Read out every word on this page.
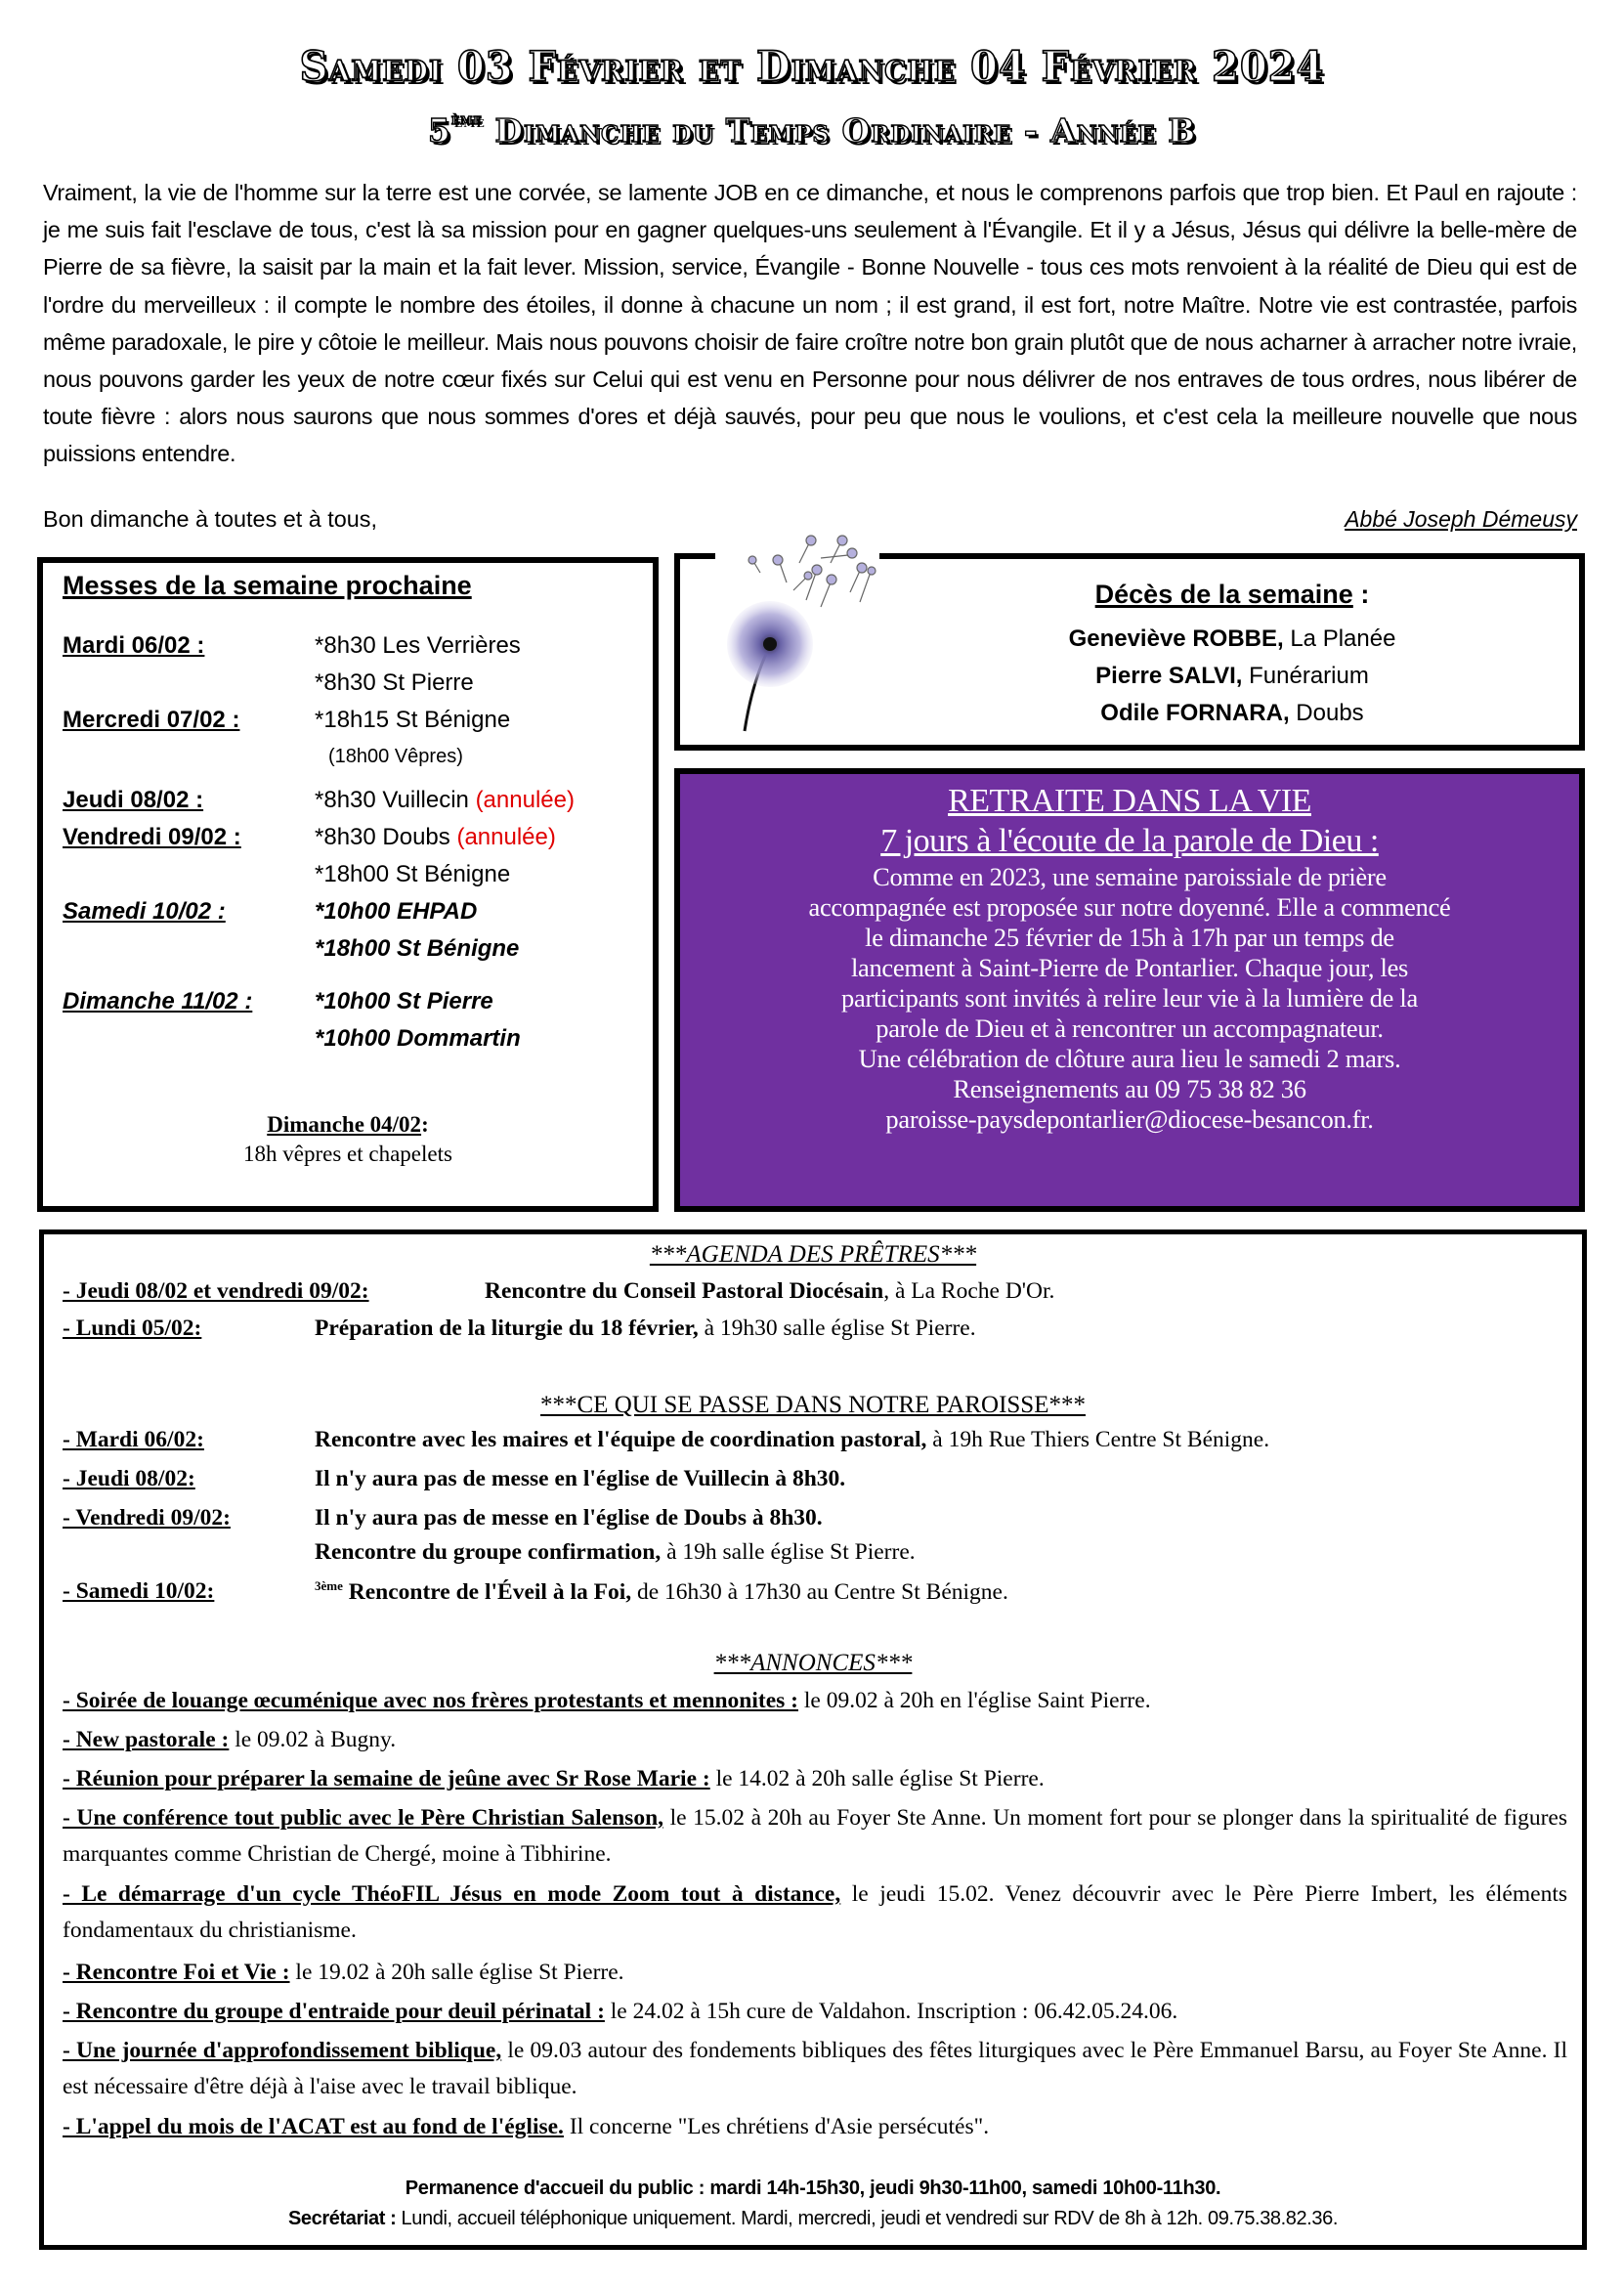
Samedi 03 Février et Dimanche 04 Février 2024
5ème Dimanche du Temps Ordinaire - Année B
Vraiment, la vie de l'homme sur la terre est une corvée, se lamente JOB en ce dimanche, et nous le comprenons parfois que trop bien. Et Paul en rajoute : je me suis fait l'esclave de tous, c'est là sa mission pour en gagner quelques-uns seulement à l'Évangile. Et il y a Jésus, Jésus qui délivre la belle-mère de Pierre de sa fièvre, la saisit par la main et la fait lever. Mission, service, Évangile - Bonne Nouvelle - tous ces mots renvoient à la réalité de Dieu qui est de l'ordre du merveilleux : il compte le nombre des étoiles, il donne à chacune un nom ; il est grand, il est fort, notre Maître. Notre vie est contrastée, parfois même paradoxale, le pire y côtoie le meilleur. Mais nous pouvons choisir de faire croître notre bon grain plutôt que de nous acharner à arracher notre ivraie, nous pouvons garder les yeux de notre cœur fixés sur Celui qui est venu en Personne pour nous délivrer de nos entraves de tous ordres, nous libérer de toute fièvre : alors nous saurons que nous sommes d'ores et déjà sauvés, pour peu que nous le voulions, et c'est cela la meilleure nouvelle que nous puissions entendre.
Bon dimanche à toutes et à tous,	Abbé Joseph Démeusy
Messes de la semaine prochaine
Mardi 06/02 :	*8h30 Les Verrières
*8h30 St Pierre
Mercredi 07/02 :	*18h15 St Bénigne
(18h00 Vêpres)
Jeudi 08/02 :	*8h30 Vuillecin (annulée)
Vendredi 09/02 :	*8h30 Doubs (annulée)
*18h00 St Bénigne
Samedi 10/02 :	*10h00 EHPAD
*18h00 St Bénigne
Dimanche 11/02 :	*10h00 St Pierre
*10h00 Dommartin
Dimanche 04/02:
18h vêpres et chapelets
Décès de la semaine :
Geneviève ROBBE, La Planée
Pierre SALVI, Funérarium
Odile FORNARA, Doubs
RETRAITE DANS LA VIE
7 jours à l'écoute de la parole de Dieu :
Comme en 2023, une semaine paroissiale de prière
accompagnée est proposée sur notre doyenné. Elle a commencé
le dimanche 25 février de 15h à 17h par un temps de
lancement à Saint-Pierre de Pontarlier. Chaque jour, les
participants sont invités à relire leur vie à la lumière de la
parole de Dieu et à rencontrer un accompagnateur.
Une célébration de clôture aura lieu le samedi 2 mars.
Renseignements au 09 75 38 82 36
paroisse-paysdepontarlier@diocese-besancon.fr.
***AGENDA DES PRÊTRES***
- Jeudi 08/02 et vendredi 09/02:	Rencontre du Conseil Pastoral Diocésain, à La Roche D'Or.
- Lundi 05/02:	Préparation de la liturgie du 18 février, à 19h30 salle église St Pierre.
***CE QUI SE PASSE DANS NOTRE PAROISSE***
- Mardi 06/02:	Rencontre avec les maires et l'équipe de coordination pastoral, à 19h Rue Thiers Centre St Bénigne.
- Jeudi 08/02:	Il n'y aura pas de messe en l'église de Vuillecin à 8h30.
- Vendredi 09/02:	Il n'y aura pas de messe en l'église de Doubs à 8h30.
Rencontre du groupe confirmation, à 19h salle église St Pierre.
- Samedi 10/02:	$^{3ème}$ Rencontre de l'Éveil à la Foi, de 16h30 à 17h30 au Centre St Bénigne.
***ANNONCES***
- Soirée de louange œcuménique avec nos frères protestants et mennonites : le 09.02 à 20h en l'église Saint Pierre.
- New pastorale : le 09.02 à Bugny.
- Réunion pour préparer la semaine de jeûne avec Sr Rose Marie : le 14.02 à 20h salle église St Pierre.
- Une conférence tout public avec le Père Christian Salenson, le 15.02 à 20h au Foyer Ste Anne. Un moment fort pour se plonger dans la spiritualité de figures marquantes comme Christian de Chergé, moine à Tibhirine.
- Le démarrage d'un cycle ThéoFIL Jésus en mode Zoom tout à distance, le jeudi 15.02. Venez découvrir avec le Père Pierre Imbert, les éléments fondamentaux du christianisme.
- Rencontre Foi et Vie : le 19.02 à 20h salle église St Pierre.
- Rencontre du groupe d'entraide pour deuil périnatal : le 24.02 à 15h cure de Valdahon. Inscription : 06.42.05.24.06.
- Une journée d'approfondissement biblique, le 09.03 autour des fondements bibliques des fêtes liturgiques avec le Père Emmanuel Barsu, au Foyer Ste Anne. Il est nécessaire d'être déjà à l'aise avec le travail biblique.
- L'appel du mois de l'ACAT est au fond de l'église. Il concerne "Les chrétiens d'Asie persécutés".
Permanence d'accueil du public : mardi 14h-15h30, jeudi 9h30-11h00, samedi 10h00-11h30.
Secrétariat : Lundi, accueil téléphonique uniquement. Mardi, mercredi, jeudi et vendredi sur RDV de 8h à 12h. 09.75.38.82.36.
